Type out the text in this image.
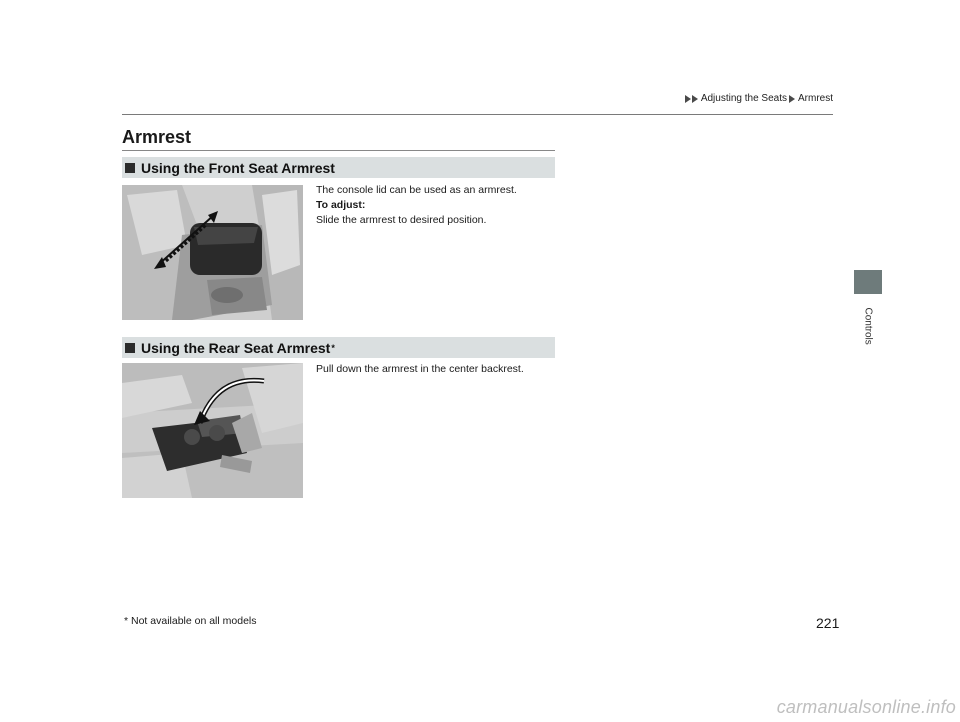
Adjusting the Seats Armrest
Controls
Armrest
Using the Front Seat Armrest
The console lid can be used as an armrest.
To adjust:
Slide the armrest to desired position.
Using the Rear Seat Armrest *
Pull down the armrest in the center backrest.
* Not available on all models	221
carmanualsonline.info
